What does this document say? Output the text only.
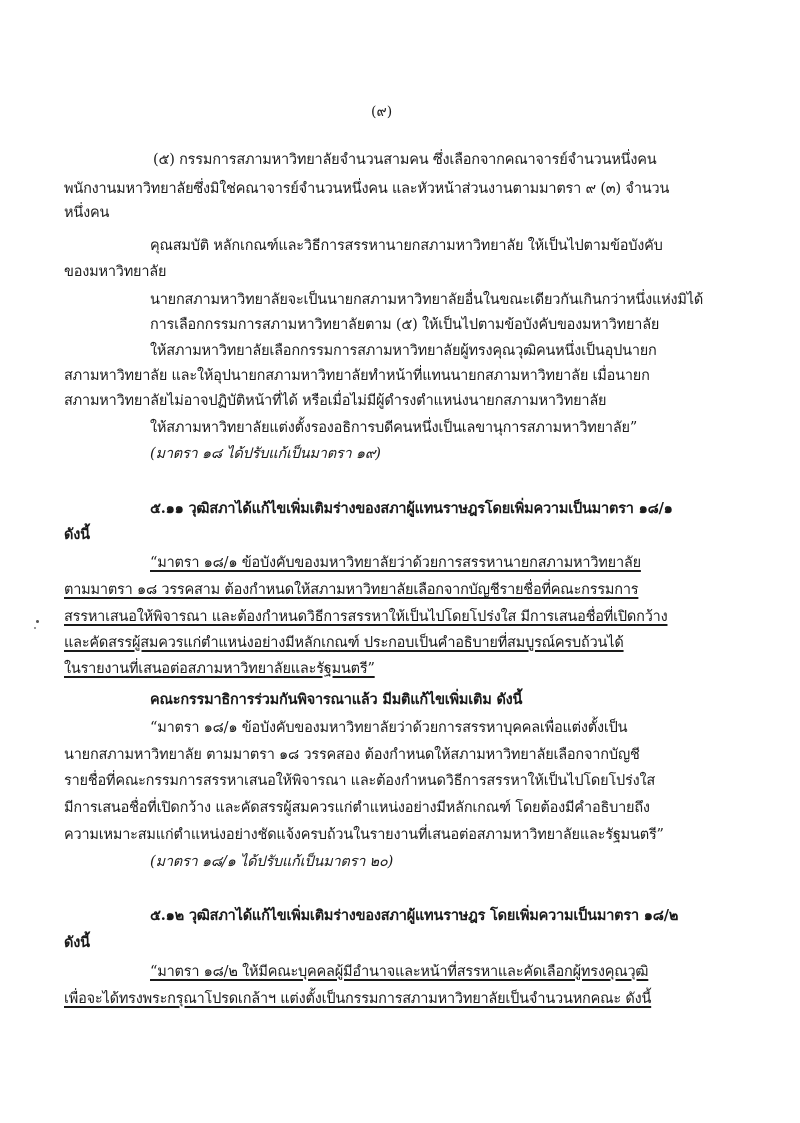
(๙)
(๕) กรรมการสภามหาวิทยาลัยจำนวนสามคน ซึ่งเลือกจากคณาจารย์จำนวนหนึ่งคน
พนักงานมหาวิทยาลัยซึ่งมิใช่คณาจารย์จำนวนหนึ่งคน และหัวหน้าส่วนงานตามมาตรา ๙ (๓) จำนวน
หนึ่งคน
คุณสมบัติ หลักเกณฑ์และวิธีการสรรหานายกสภามหาวิทยาลัย ให้เป็นไปตามข้อบังคับ
ของมหาวิทยาลัย
นายกสภามหาวิทยาลัยจะเป็นนายกสภามหาวิทยาลัยอื่นในขณะเดียวกันเกินกว่าหนึ่งแห่งมิได้
การเลือกกรรมการสภามหาวิทยาลัยตาม (๕) ให้เป็นไปตามข้อบังคับของมหาวิทยาลัย
ให้สภามหาวิทยาลัยเลือกกรรมการสภามหาวิทยาลัยผู้ทรงคุณวุฒิคนหนึ่งเป็นอุปนายก
สภามหาวิทยาลัย และให้อุปนายกสภามหาวิทยาลัยทำหน้าที่แทนนายกสภามหาวิทยาลัย เมื่อนายก
สภามหาวิทยาลัยไม่อาจปฏิบัติหน้าที่ได้ หรือเมื่อไม่มีผู้ดำรงตำแหน่งนายกสภามหาวิทยาลัย
ให้สภามหาวิทยาลัยแต่งตั้งรองอธิการบดีคนหนึ่งเป็นเลขานุการสภามหาวิทยาลัย”
(มาตรา ๑๘ ได้ปรับแก้เป็นมาตรา ๑๙)
๕.๑๑ วุฒิสภาได้แก้ไขเพิ่มเติมร่างของสภาผู้แทนราษฎรโดยเพิ่มความเป็นมาตรา ๑๘/๑
ดังนี้
“มาตรา ๑๘/๑ ข้อบังคับของมหาวิทยาลัยว่าด้วยการสรรหานายกสภามหาวิทยาลัย
ตามมาตรา ๑๘ วรรคสาม ต้องกำหนดให้สภามหาวิทยาลัยเลือกจากบัญชีรายชื่อที่คณะกรรมการ
สรรหาเสนอให้พิจารณา และต้องกำหนดวิธีการสรรหาให้เป็นไปโดยโปร่งใส มีการเสนอชื่อที่เปิดกว้าง
และคัดสรรผู้สมควรแก่ตำแหน่งอย่างมีหลักเกณฑ์ ประกอบเป็นคำอธิบายที่สมบูรณ์ครบถ้วนได้
ในรายงานที่เสนอต่อสภามหาวิทยาลัยและรัฐมนตรี”
คณะกรรมาธิการร่วมกันพิจารณาแล้ว มีมติแก้ไขเพิ่มเติม ดังนี้
“มาตรา ๑๘/๑ ข้อบังคับของมหาวิทยาลัยว่าด้วยการสรรหาบุคคลเพื่อแต่งตั้งเป็น
นายกสภามหาวิทยาลัย ตามมาตรา ๑๘ วรรคสอง ต้องกำหนดให้สภามหาวิทยาลัยเลือกจากบัญชี
รายชื่อที่คณะกรรมการสรรหาเสนอให้พิจารณา และต้องกำหนดวิธีการสรรหาให้เป็นไปโดยโปร่งใส
มีการเสนอชื่อที่เปิดกว้าง และคัดสรรผู้สมควรแก่ตำแหน่งอย่างมีหลักเกณฑ์ โดยต้องมีคำอธิบายถึง
ความเหมาะสมแก่ตำแหน่งอย่างชัดแจ้งครบถ้วนในรายงานที่เสนอต่อสภามหาวิทยาลัยและรัฐมนตรี”
(มาตรา ๑๘/๑ ได้ปรับแก้เป็นมาตรา ๒๐)
๕.๑๒ วุฒิสภาได้แก้ไขเพิ่มเติมร่างของสภาผู้แทนราษฎร โดยเพิ่มความเป็นมาตรา ๑๘/๒
ดังนี้
“มาตรา ๑๘/๒ ให้มีคณะบุคคลผู้มีอำนาจและหน้าที่สรรหาและคัดเลือกผู้ทรงคุณวุฒิ
เพื่อจะได้ทรงพระกรุณาโปรดเกล้าฯ แต่งตั้งเป็นกรรมการสภามหาวิทยาลัยเป็นจำนวนหกคณะ ดังนี้
